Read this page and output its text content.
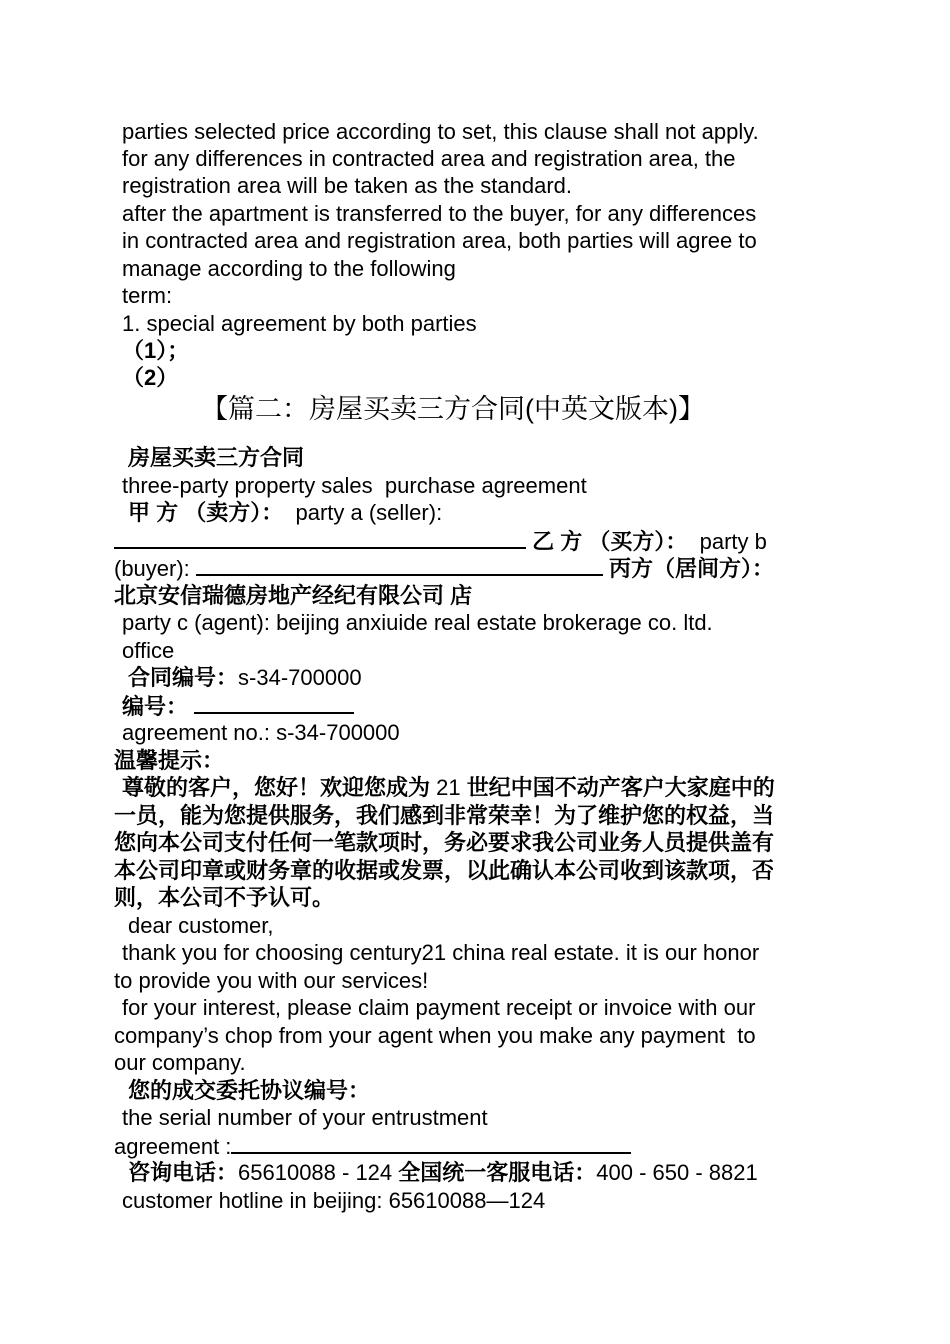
parties selected price according to set, this clause shall not apply.
for any differences in contracted area and registration area, the
registration area will be taken as the standard.
after the apartment is transferred to the buyer, for any differences
in contracted area and registration area, both parties will agree to
manage according to the following
term:
1. special agreement by both parties
（1）；
（2）
【篇二：房屋买卖三方合同(中英文版本)】
房屋买卖三方合同
three-party property sales  purchase agreement
甲 方 （卖方）： party a (seller):
乙 方 （买方）： party b
(buyer):	丙方（居间方）：
北京安信瑞德房地产经纪有限公司 店
party c (agent): beijing anxiuide real estate brokerage co. ltd.
office
合同编号：s-34-700000
编号：
agreement no.: s-34-700000
温馨提示：
尊敬的客户，您好！欢迎您成为 21 世纪中国不动产客户大家庭中的
一员，能为您提供服务，我们感到非常荣幸！为了维护您的权益，当
您向本公司支付任何一笔款项时，务必要求我公司业务人员提供盖有
本公司印章或财务章的收据或发票，以此确认本公司收到该款项，否
则，本公司不予认可。
dear customer,
thank you for choosing century21 china real estate. it is our honor
to provide you with our services!
for your interest, please claim payment receipt or invoice with our
company’s chop from your agent when you make any payment  to
our company.
您的成交委托协议编号：
the serial number of your entrustment
agreement :
咨询电话：65610088 - 124 全国统一客服电话：400 - 650 - 8821
customer hotline in beijing: 65610088—124
